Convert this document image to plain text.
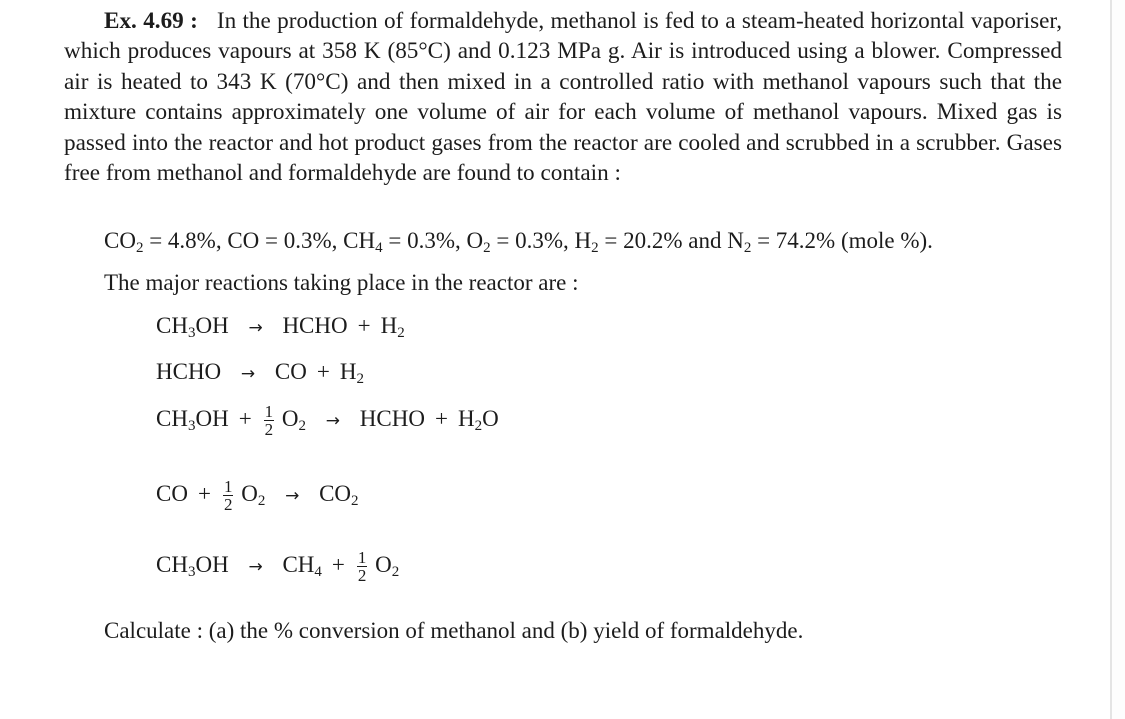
Ex. 4.69 : In the production of formaldehyde, methanol is fed to a steam-heated horizontal vaporiser, which produces vapours at 358 K (85°C) and 0.123 MPa g. Air is introduced using a blower. Compressed air is heated to 343 K (70°C) and then mixed in a controlled ratio with methanol vapours such that the mixture contains approximately one volume of air for each volume of methanol vapours. Mixed gas is passed into the reactor and hot product gases from the reactor are cooled and scrubbed in a scrubber. Gases free from methanol and formaldehyde are found to contain :
$CO_2 = 4.8\%$, CO = 0.3%, $CH_4 = 0.3\%$, $O_2 = 0.3\%$, $H_2 = 20.2\%$ and $N_2 = 74.2\%$ (mole %).
The major reactions taking place in the reactor are :
$CH_3OH$ → HCHO + $H_2$
HCHO → CO + $H_2$
$CH_3OH + \frac{1}{2} O_2$ → HCHO + $H_2O$
CO + $\frac{1}{2} O_2 \to CO_2$
$CH_3OH \to CH_4 + \frac{1}{2} O_2$
Calculate : (a) the % conversion of methanol and (b) yield of formaldehyde.
